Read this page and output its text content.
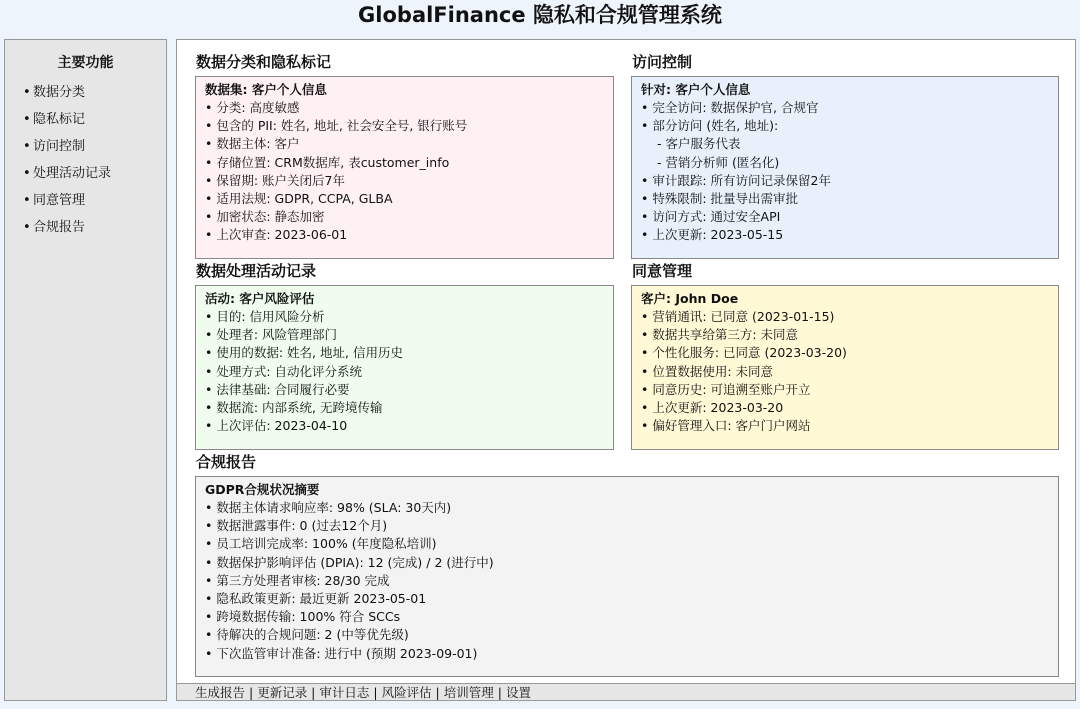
GlobalFinance 隐私和合规管理系统
主要功能
• 数据分类
• 隐私标记
• 访问控制
• 处理活动记录
• 同意管理
• 合规报告
数据分类和隐私标记
数据集: 客户个人信息
• 分类: 高度敏感
• 包含的 PII: 姓名, 地址, 社会安全号, 银行账号
• 数据主体: 客户
• 存储位置: CRM数据库, 表customer_info
• 保留期: 账户关闭后7年
• 适用法规: GDPR, CCPA, GLBA
• 加密状态: 静态加密
• 上次审查: 2023-06-01
访问控制
针对: 客户个人信息
• 完全访问: 数据保护官, 合规官
• 部分访问 (姓名, 地址):
- 客户服务代表
- 营销分析师 (匿名化)
• 审计跟踪: 所有访问记录保留2年
• 特殊限制: 批量导出需审批
• 访问方式: 通过安全API
• 上次更新: 2023-05-15
数据处理活动记录
活动: 客户风险评估
• 目的: 信用风险分析
• 处理者: 风险管理部门
• 使用的数据: 姓名, 地址, 信用历史
• 处理方式: 自动化评分系统
• 法律基础: 合同履行必要
• 数据流: 内部系统, 无跨境传输
• 上次评估: 2023-04-10
同意管理
客户: John Doe
• 营销通讯: 已同意 (2023-01-15)
• 数据共享给第三方: 未同意
• 个性化服务: 已同意 (2023-03-20)
• 位置数据使用: 未同意
• 同意历史: 可追溯至账户开立
• 上次更新: 2023-03-20
• 偏好管理入口: 客户门户网站
合规报告
GDPR合规状况摘要
• 数据主体请求响应率: 98% (SLA: 30天内)
• 数据泄露事件: 0 (过去12个月)
• 员工培训完成率: 100% (年度隐私培训)
• 数据保护影响评估 (DPIA): 12 (完成) / 2 (进行中)
• 第三方处理者审核: 28/30 完成
• 隐私政策更新: 最近更新 2023-05-01
• 跨境数据传输: 100% 符合 SCCs
• 待解决的合规问题: 2 (中等优先级)
• 下次监管审计准备: 进行中 (预期 2023-09-01)
生成报告 | 更新记录 | 审计日志 | 风险评估 | 培训管理 | 设置
